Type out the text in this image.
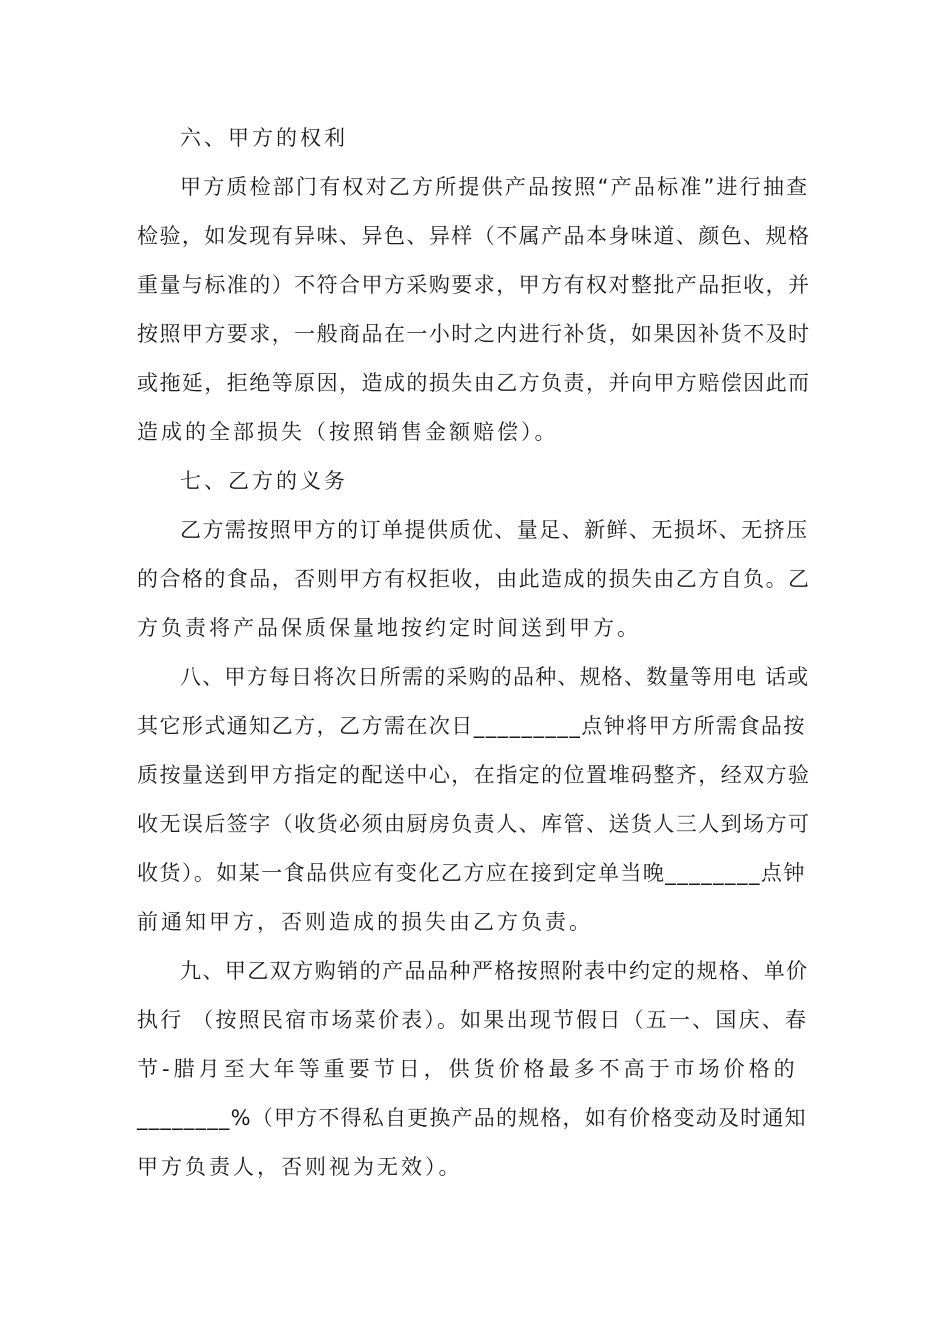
六、甲方的权利
甲方质检部门有权对乙方所提供产品按照“产品标准”进行抽查
检验，如发现有异味、异色、异样（不属产品本身味道、颜色、规格
重量与标准的）不符合甲方采购要求，甲方有权对整批产品拒收，并
按照甲方要求，一般商品在一小时之内进行补货，如果因补货不及时
或拖延，拒绝等原因，造成的损失由乙方负责，并向甲方赔偿因此而
造成的全部损失（按照销售金额赔偿）。
七、乙方的义务
乙方需按照甲方的订单提供质优、量足、新鲜、无损坏、无挤压
的合格的食品，否则甲方有权拒收，由此造成的损失由乙方自负。乙
方负责将产品保质保量地按约定时间送到甲方。
八、甲方每日将次日所需的采购的品种、规格、数量等用电 话或
其它形式通知乙方，乙方需在次日_________点钟将甲方所需食品按
质按量送到甲方指定的配送中心，在指定的位置堆码整齐，经双方验
收无误后签字（收货必须由厨房负责人、库管、送货人三人到场方可
收货）。如某一食品供应有变化乙方应在接到定单当晚________点钟
前通知甲方，否则造成的损失由乙方负责。
九、甲乙双方购销的产品品种严格按照附表中约定的规格、单价
执行 （按照民宿市场菜价表）。如果出现节假日（五一、国庆、春
节-腊月至大年等重要节日，供货价格最多不高于市场价格的
________%（甲方不得私自更换产品的规格，如有价格变动及时通知
甲方负责人，否则视为无效）。
